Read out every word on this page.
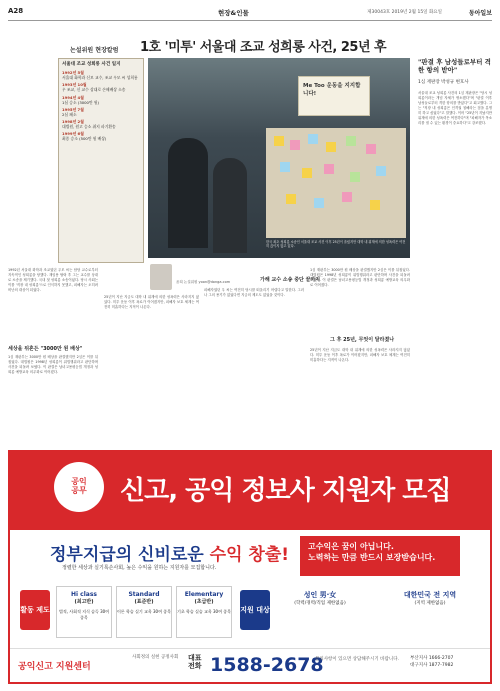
A28	현장&인물	제30043호 2019년 2월 15일 화요일	동아일보
논설위원 현장칼럼 1호 '미투' 서울대 조교 성희롱 사건, 25년 후
서울대 조교 성희롱 사건 일지
1992년 5월
서울대 화학과 신모 교수, 조교 우모 씨 성희롱
1993년 10월
우 조교, 신 교수 상대로 손해배상 소송
1994년 4월
1심 승소 (3000만 원)
1995년 7월
2심 패소
1998년 2월
대법원, 원고 승소 취지 파기환송
1999년 6월
최종 승소 (500만 원 배상)
Me Too 운동을 지지합니다!
한국 최초 성희롱 소송인 서울대 조교 사건 이후 25년이 흘렀지만 대학 내 위계에 의한 성폭력은 여전히 끊이지 않고 있다.
"판결 후 남성들로부터 격한 항의 받아"
1심 재판장 박성규 변호사
서울대 조교 성희롱 사건의 1심 재판장은 "당시 성희롱이라는 개념 자체가 생소했다"며 "판결 이후 남성들로부터 격한 항의를 받았다"고 회고했다. 그는 "직장 내 성희롱은 인격권 침해라는 점을 분명히 하고 싶었다"고 말했다. 이어 "25년이 지났지만 위계에 의한 성폭력은 여전하다"며 "피해자가 목소리를 낼 수 있는 환경이 중요하다"고 강조했다.
1992년 서울대 화학과 조교였던 우모 씨는 담당 교수로부터 지속적인 성희롱을 당했다. 재임용 탈락 후 그는 교수를 상대로 소송을 제기했다. 국내 첫 성희롱 소송이었다. 당시 사회는 이를 '직장 내 성희롱'으로 인식하지 못했고, 피해자는 오히려 비난의 대상이 되었다.
세상을 뒤흔든 "3000만 원 배상"
1심 재판부는 3000만 원 배상을 판결했지만 2심은 이를 뒤집었다. 대법원은 1998년 성희롱이 위법행위라고 판단하며 사건을 되돌려 보냈다. 이 판결은 남녀고용평등법 개정과 성희롱 예방교육 의무화로 이어졌다.
윤희 논설위원 yoon@donga.com
25년이 지난 지금도 대학 내 위계에 의한 성폭력은 사라지지 않았다. 미투 운동 이후 폭로가 이어졌지만, 피해자 보호 체계는 여전히 미흡하다는 지적이 나온다.
가해 교수 소송 중단 끝까지
피해자였던 우 씨는 여전히 당시를 떠올리기 어렵다고 말한다. 그러나 그의 용기가 없었다면 지금의 제도도 없었을 것이다.
그 후 25년, 무엇이 달라졌나
1심 재판부는 3000만 원 배상을 판결했지만 2심은 이를 뒤집었다. 대법원은 1998년 성희롱이 위법행위라고 판단하며 사건을 되돌려 보냈다. 이 판결은 남녀고용평등법 개정과 성희롱 예방교육 의무화로 이어졌다.
25년이 지난 지금도 대학 내 위계에 의한 성폭력은 사라지지 않았다. 미투 운동 이후 폭로가 이어졌지만, 피해자 보호 체계는 여전히 미흡하다는 지적이 나온다.
공익
공무 신고, 공익 정보사 지원자 모집
정부지급의 신비로운 수익 창출!
정렬한 세상과 실기록손사회, 높은 수익을 원하는 지원자를 모집합니다.
고수익은 꿈이 아닙니다.
노력하는 만큼 반드시 보장받습니다.
활동 제도
Hi class
(최고반)
법적, 사회적 지식 습득 30여 종목
Standard
(표준반)
이론 학습 실기 교육 30여 종목
Elementary
(초급반)
기초 학습 실습 교육 30여 종목 지원 대상
성인 男·女
(학력/경력/직업 제한없음)
대한민국 전 지역
(지역 제한없음)
공익신고 지원센터
사회정의 실현 공정사회 대표
전화 1588-2678
문의사항이 있으면 상담해주시기 바랍니다. 부산지사 1666-2707
대구지사 1877-7982
